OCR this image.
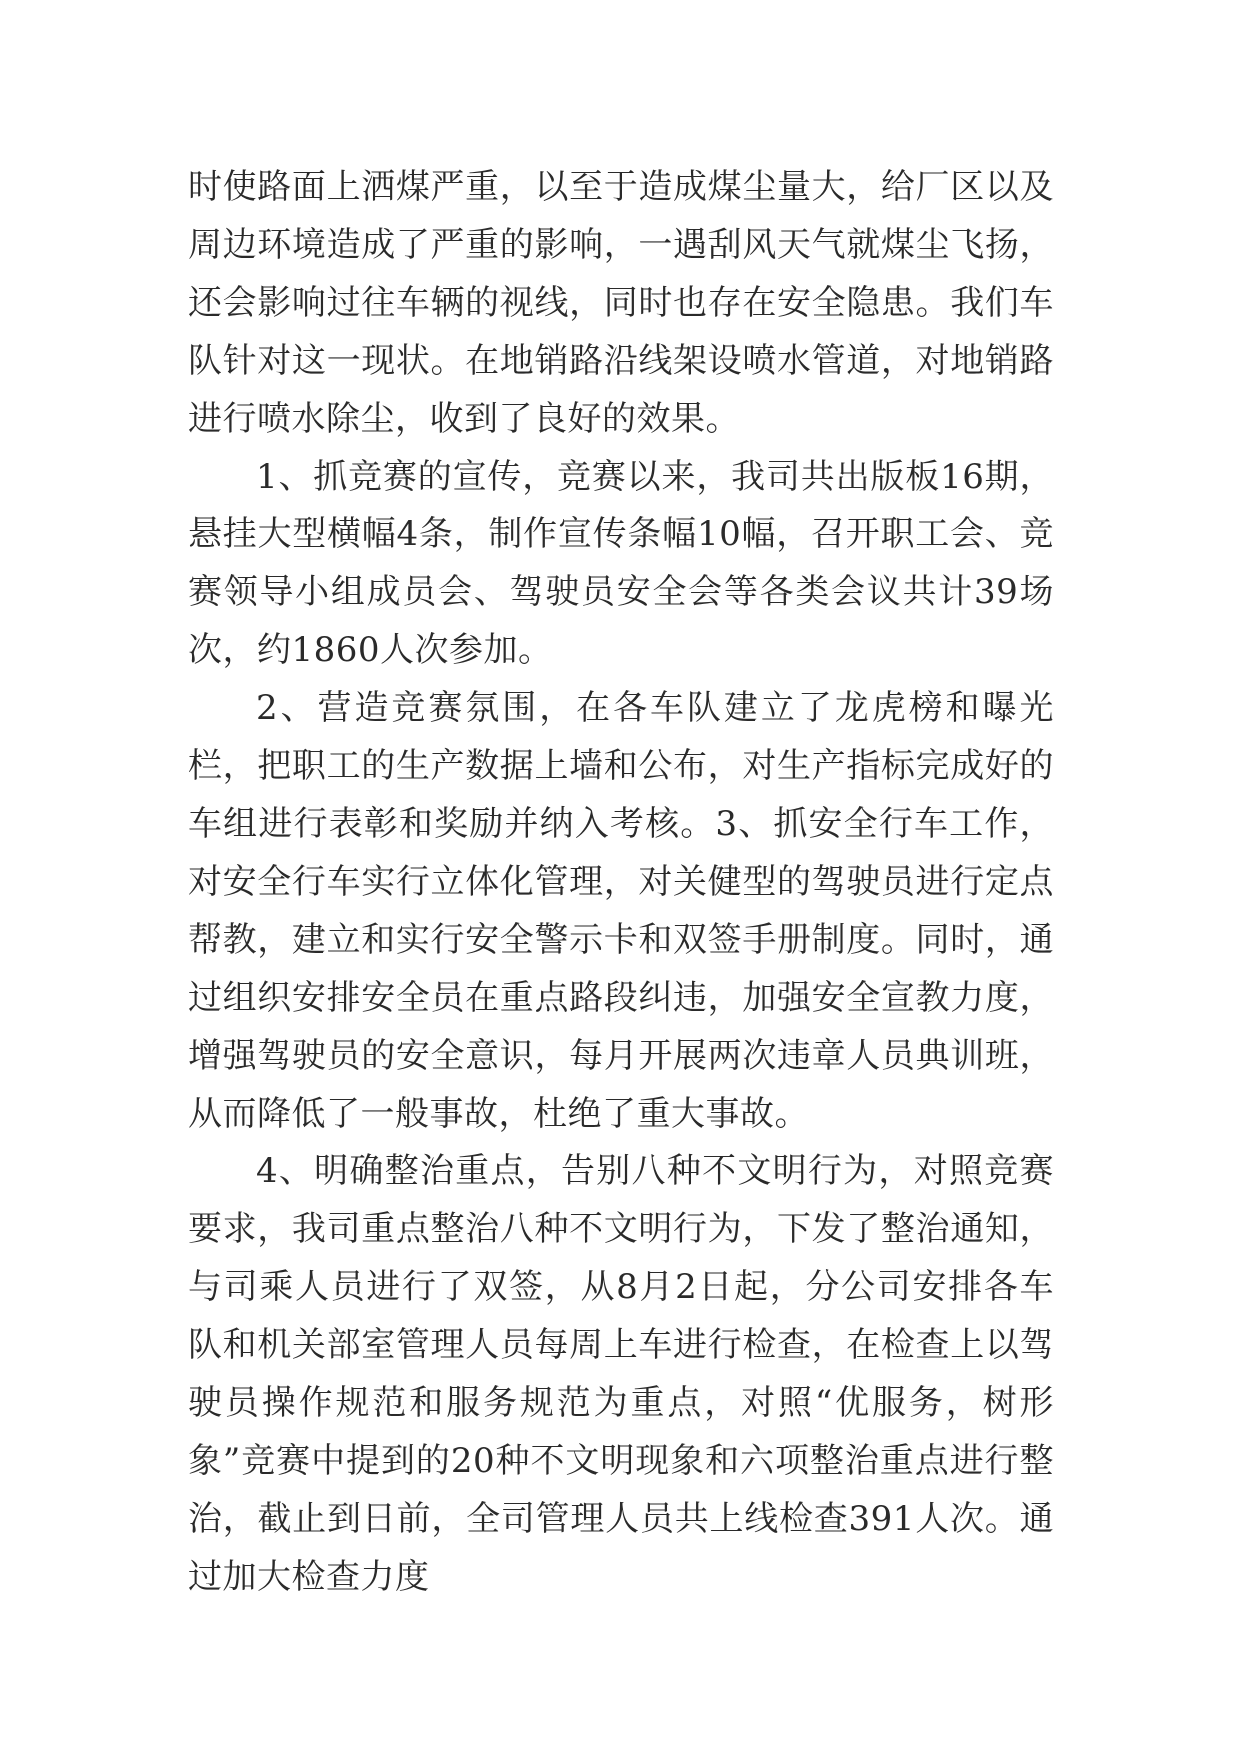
时使路面上洒煤严重，以至于造成煤尘量大，给厂区以及周边环境造成了严重的影响，一遇刮风天气就煤尘飞扬，还会影响过往车辆的视线，同时也存在安全隐患。我们车队针对这一现状。在地销路沿线架设喷水管道，对地销路进行喷水除尘，收到了良好的效果。

1、抓竞赛的宣传，竞赛以来，我司共出版板16期，悬挂大型横幅4条，制作宣传条幅10幅，召开职工会、竞赛领导小组成员会、驾驶员安全会等各类会议共计39场次，约1860人次参加。

2、营造竞赛氛围，在各车队建立了龙虎榜和曝光栏，把职工的生产数据上墙和公布，对生产指标完成好的车组进行表彰和奖励并纳入考核。3、抓安全行车工作，对安全行车实行立体化管理，对关健型的驾驶员进行定点帮教，建立和实行安全警示卡和双签手册制度。同时，通过组织安排安全员在重点路段纠违，加强安全宣教力度，增强驾驶员的安全意识，每月开展两次违章人员典训班，从而降低了一般事故，杜绝了重大事故。

4、明确整治重点，告别八种不文明行为，对照竞赛要求，我司重点整治八种不文明行为，下发了整治通知，与司乘人员进行了双签，从8月2日起，分公司安排各车队和机关部室管理人员每周上车进行检查，在检查上以驾驶员操作规范和服务规范为重点，对照“优服务，树形象”竞赛中提到的20种不文明现象和六项整治重点进行整治，截止到日前，全司管理人员共上线检查391人次。通过加大检查力度
